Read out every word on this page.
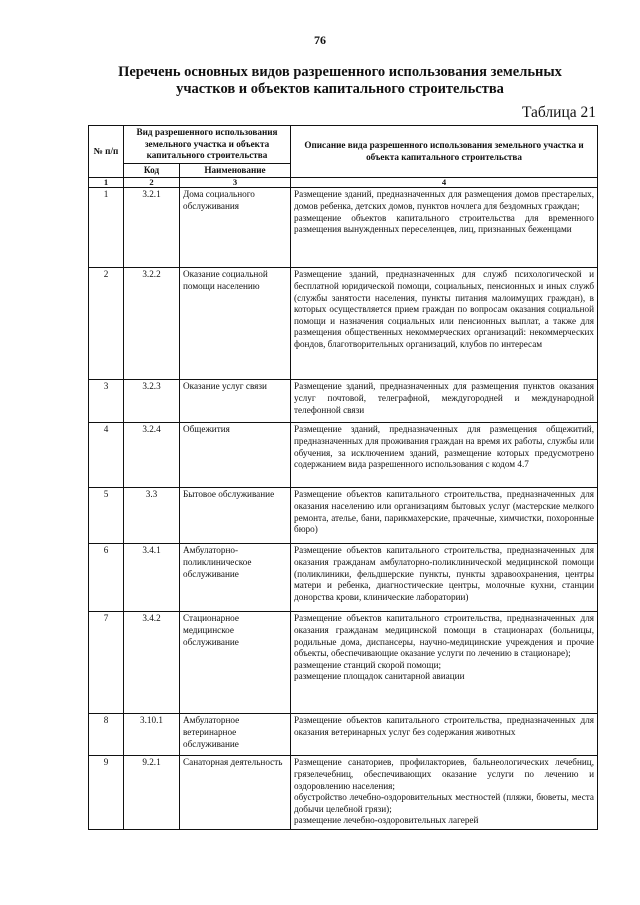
76
Перечень основных видов разрешенного использования земельных участков и объектов капитального строительства
Таблица 21
№ п/п	Вид разрешенного использования земельного участка и объекта капитального строительства		Описание вида разрешенного использования земельного участка и объекта капитального строительства
	Код	Наименование	
1	2	3	4
1	3.2.1	Дома социального обслуживания	Размещение зданий, предназначенных для размещения домов престарелых, домов ребенка, детских домов, пунктов ночлега для бездомных граждан;
размещение объектов капитального строительства для временного размещения вынужденных переселенцев, лиц, признанных беженцами
2	3.2.2	Оказание социальной помощи населению	Размещение зданий, предназначенных для служб психологической и бесплатной юридической помощи, социальных, пенсионных и иных служб (службы занятости населения, пункты питания малоимущих граждан), в которых осуществляется прием граждан по вопросам оказания социальной помощи и назначения социальных или пенсионных выплат, а также для размещения общественных некоммерческих организаций: некоммерческих фондов, благотворительных организаций, клубов по интересам
3	3.2.3	Оказание услуг связи	Размещение зданий, предназначенных для размещения пунктов оказания услуг почтовой, телеграфной, междугородней и международной телефонной связи
4	3.2.4	Общежития	Размещение зданий, предназначенных для размещения общежитий, предназначенных для проживания граждан на время их работы, службы или обучения, за исключением зданий, размещение которых предусмотрено содержанием вида разрешенного использования с кодом 4.7
5	3.3	Бытовое обслуживание	Размещение объектов капитального строительства, предназначенных для оказания населению или организациям бытовых услуг (мастерские мелкого ремонта, ателье, бани, парикмахерские, прачечные, химчистки, похоронные бюро)
6	3.4.1	Амбулаторно-поликлиническое обслуживание	Размещение объектов капитального строительства, предназначенных для оказания гражданам амбулаторно-поликлинической медицинской помощи (поликлиники, фельдшерские пункты, пункты здравоохранения, центры матери и ребенка, диагностические центры, молочные кухни, станции донорства крови, клинические лаборатории)
7	3.4.2	Стационарное медицинское обслуживание	Размещение объектов капитального строительства, предназначенных для оказания гражданам медицинской помощи в стационарах (больницы, родильные дома, диспансеры, научно-медицинские учреждения и прочие объекты, обеспечивающие оказание услуги по лечению в стационаре);
размещение станций скорой помощи;
размещение площадок санитарной авиации
8	3.10.1	Амбулаторное ветеринарное обслуживание	Размещение объектов капитального строительства, предназначенных для оказания ветеринарных услуг без содержания животных
9	9.2.1	Санаторная деятельность	Размещение санаториев, профилакториев, бальнеологических лечебниц, грязелечебниц, обеспечивающих оказание услуги по лечению и оздоровлению населения;
обустройство лечебно-оздоровительных местностей (пляжи, бюветы, места добычи целебной грязи);
размещение лечебно-оздоровительных лагерей
